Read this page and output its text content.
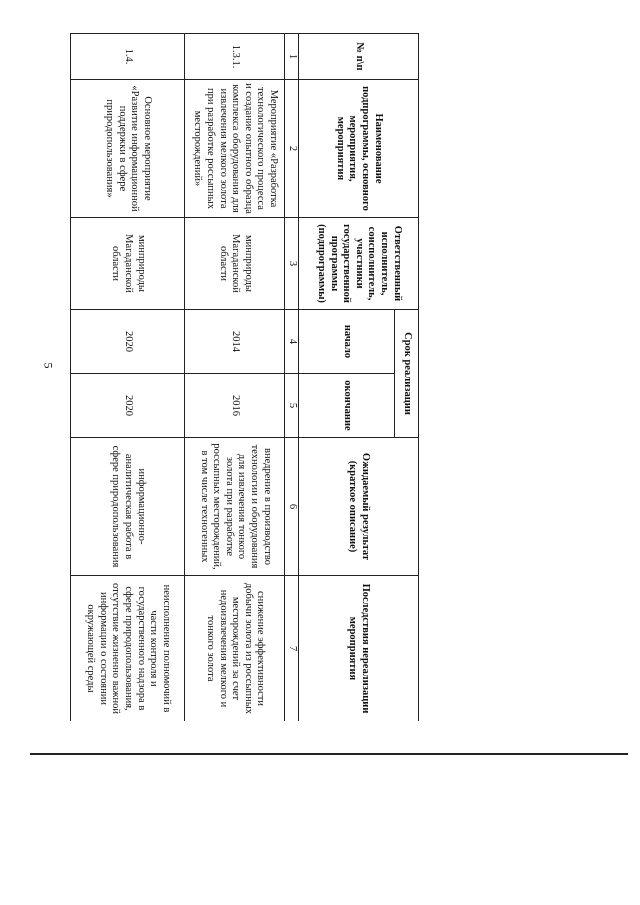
5
№ п\п	Наименование подпрограммы, основного мероприятия, мероприятия	Ответственный исполнитель, соисполнитель, участники государственной программы (подпрограммы)	Срок реализации		Ожидаемый результат (краткое описание)	Последствия нереализации мероприятия
			начало	окончание		
1	2	3	4	5	6	7
1.3.1.	Мероприятие «Разработка технологического процесса и создание опытного образца комплекса оборудования для извлечения мелкого золота при разработке россыпных месторождений»	минприроды Магаданской области	2014	2016	внедрение в производство технологии и оборудования для извлечения тонкого золота при разработке россыпных месторождений, в том числе техногенных	снижение эффективности добычи золота из россыпных месторождений за счет недоизвлечения мелкого и тонкого золота
1.4.	Основное мероприятие «Развитие информационной поддержки в сфере природопользования»	минприроды Магаданской области	2020	2020	информационно-аналитическая работа в сфере природопользования	неисполнение полномочий в части контроля и государственного надзора в сфере природопользования, отсутствие жизненно важной информации о состоянии окружающей среды
